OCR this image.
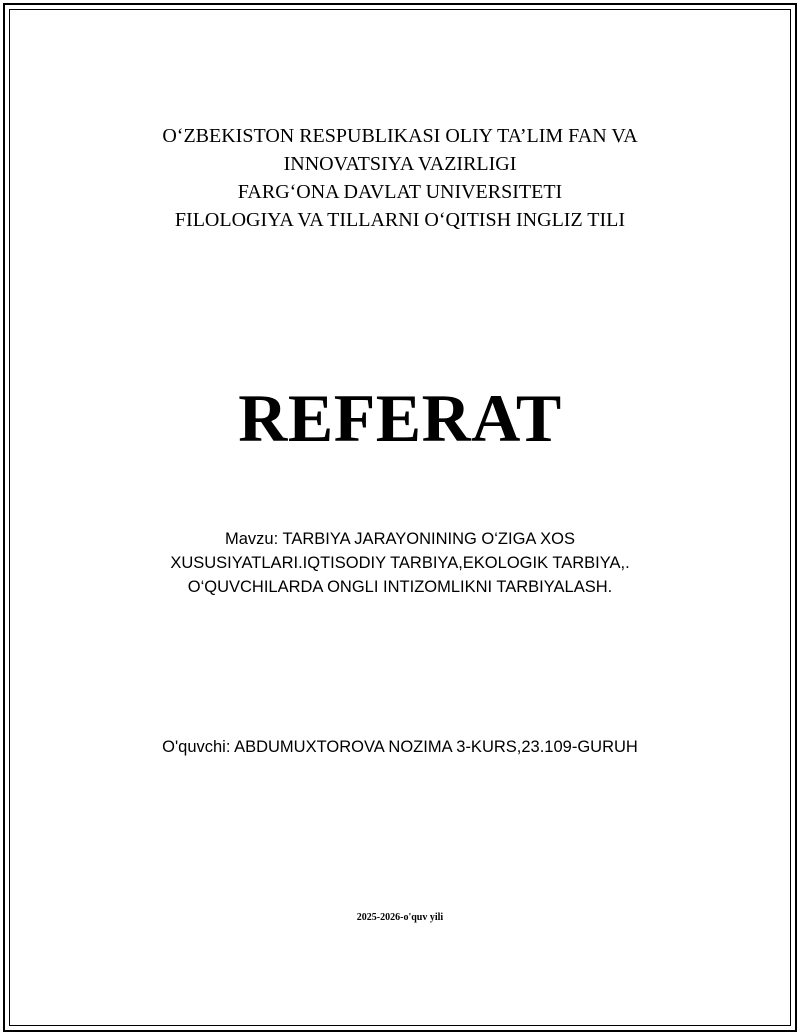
O‘ZBEKISTON RESPUBLIKASI OLIY TA’LIM FAN VA
INNOVATSIYA VAZIRLIGI
FARG‘ONA DAVLAT UNIVERSITETI
FILOLOGIYA VA TILLARNI O‘QITISH INGLIZ TILI
REFERAT
Mavzu: TARBIYA JARAYONINING O‘ZIGA XOS
XUSUSIYATLARI.IQTISODIY TARBIYA,EKOLOGIK TARBIYA,.
O‘QUVCHILARDA ONGLI INTIZOMLIKNI TARBIYALASH.
O'quvchi: ABDUMUXTOROVA NOZIMA 3-KURS,23.109-GURUH
2025-2026-o'quv yili
